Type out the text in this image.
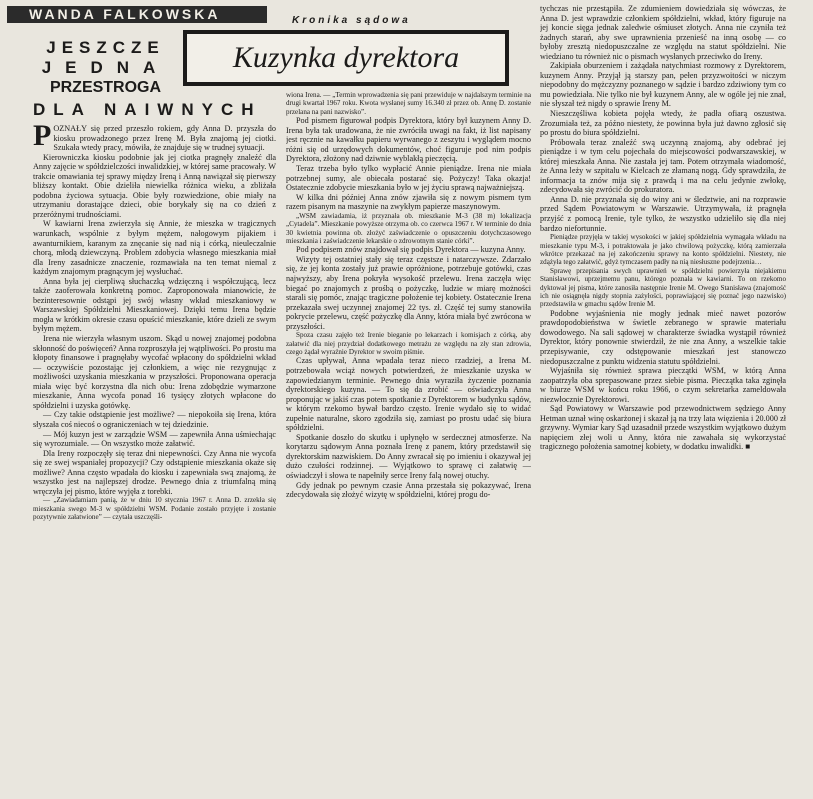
WANDA FALKOWSKA	Kronika sądowa
Kuzynka dyrektora
JESZCZE
JEDNA
PRZESTROGA
DLA NAIWNYCH

POZNAŁY się przed przeszło rokiem, gdy Anna D. przyszła do kiosku prowadzonego przez Irenę M. Była znajomą jej ciotki. Szukała wtedy pracy, mówiła, że znajduje się w trudnej sytuacji.

Kierowniczka kiosku podobnie jak jej ciotka pragnęły znaleźć dla Anny zajęcie w spółdzielczości inwalidzkiej, w której same pracowały. W trakcie omawiania tej sprawy między Ireną i Anną nawiązał się pierwszy bliższy kontakt. Obie dzieliła niewielka różnica wieku, a zbliżała podobna życiowa sytuacja. Obie były rozwiedzione, obie miały na utrzymaniu dorastające dzieci, obie borykały się na co dzień z przeróżnymi trudnościami.

W kawiarni Irena zwierzyła się Annie, że mieszka w tragicznych warunkach, wspólnie z byłym mężem, nałogowym pijakiem i awanturnikiem, karanym za znęcanie się nad nią i córką, nieuleczalnie chorą, młodą dziewczyną. Problem zdobycia własnego mieszkania miał dla Ireny zasadnicze znaczenie, rozmawiała na ten temat niemal z każdym znajomym pragnącym jej wysłuchać.

Anna była jej cierpliwą słuchaczką wdzięczną i współczującą, lecz także zaoferowała konkretną pomoc. Zaproponowała mianowicie, że bezinteresownie odstąpi jej swój własny wkład mieszkaniowy w Warszawskiej Spółdzielni Mieszkaniowej. Dzięki temu Irena będzie mogła w krótkim okresie czasu opuścić mieszkanie, które dzieli ze swym byłym mężem.

Irena nie wierzyła własnym uszom. Skąd u nowej znajomej podobna skłonność do poświęceń? Anna rozproszyła jej wątpliwości. Po prostu ma kłopoty finansowe i pragnęłaby wycofać wpłacony do spółdzielni wkład — oczywiście pozostając jej członkiem, a więc nie rezygnując z możliwości uzyskania mieszkania w przyszłości. Proponowana operacja miała więc być korzystna dla nich obu: Irena zdobędzie wymarzone mieszkanie, Anna wycofa ponad 16 tysięcy złotych wpłacone do spółdzielni i uzyska gotówkę.

— Czy takie odstąpienie jest możliwe? — niepokoiła się Irena, która słyszała coś niecoś o ograniczeniach w tej dziedzinie.

— Mój kuzyn jest w zarządzie WSM — zapewniła Anna uśmiechając się wyrozumiale. — On wszystko może załatwić.

Dla Ireny rozpoczęły się teraz dni niepewności. Czy Anna nie wycofa się ze swej wspaniałej propozycji? Czy odstąpienie mieszkania okaże się możliwe? Anna często wpadała do kiosku i zapewniała swą znajomą, że wszystko jest na najlepszej drodze. Pewnego dnia z triumfalną miną wręczyła jej pismo, które wyjęła z torebki.

— „Zawiadamiam panią, że w dniu 10 stycznia 1967 r. Anna D. zrzekła się mieszkania swego M-3 w spółdzielni WSM. Podanie zostało przyjęte i zostanie pozytywnie załatwione” — czytała uszczęśli-

wiona Irena. — „Termin wprowadzenia się pani przewiduje w najdalszym terminie na drugi kwartał 1967 roku. Kwota wysłanej sumy 16.340 zł przez ob. Annę D. zostanie przelana na pani nazwisko”.

Pod pismem figurował podpis Dyrektora, który był kuzynem Anny D. Irena była tak uradowana, że nie zwróciła uwagi na fakt, iż list napisany jest ręcznie na kawałku papieru wyrwanego z zeszytu i wyglądem mocno różni się od urzędowych dokumentów, choć figuruje pod nim podpis Dyrektora, złożony nad dziwnie wyblakłą pieczęcią.

Teraz trzeba było tylko wypłacić Annie pieniądze. Irena nie miała potrzebnej sumy, ale obiecała postarać się. Pożyczy! Taka okazja! Ostatecznie zdobycie mieszkania było w jej życiu sprawą najważniejszą.

W kilka dni później Anna znów zjawiła się z nowym pismem tym razem pisanym na maszynie na zwykłym papierze maszynowym.

„WSM zawiadamia, iż przyznała ob. mieszkanie M-3 (38 m) lokalizacja „Cytadela”. Mieszkanie powyższe otrzyma ob. co czerwca 1967 r. W terminie do dnia 30 kwietnia powinna ob. złożyć zaświadczenie o opuszczeniu dotychczasowego mieszkania i zaświadczenie lekarskie o zdrowotnym stanie córki”.

Pod podpisem znów znajdował się podpis Dyrektora — kuzyna Anny.

Wizyty tej ostatniej stały się teraz częstsze i natarczywsze. Zdarzało się, że jej konta zostały już prawie opróżnione, potrzebuje gotówki, czas najwyższy, aby Irena pokryła wysokość przelewu. Irena zaczęła więc biegać po znajomych z prośbą o pożyczkę, ludzie w miarę możności starali się pomóc, znając tragiczne położenie tej kobiety. Ostatecznie Irena przekazała swej uczynnej znajomej 22 tys. zł. Część tej sumy stanowiła pokrycie przelewu, część pożyczkę dla Anny, która miała być zwrócona w przyszłości.

Spoza czasu zajęło też Irenie bieganie po lekarzach i komisjach z córką, aby załatwić dla niej przydział dodatkowego metrażu ze względu na zły stan zdrowia, czego żądał wyraźnie Dyrektor w swoim piśmie.

Czas upływał, Anna wpadała teraz nieco rzadziej, a Irena M. potrzebowała wciąż nowych potwierdzeń, że mieszkanie uzyska w zapowiedzianym terminie. Pewnego dnia wyraziła życzenie poznania dyrektorskiego kuzyna. — To się da zrobić — oświadczyła Anna proponując w jakiś czas potem spotkanie z Dyrektorem w budynku sądów, w którym rzekomo bywał bardzo często. Irenie wydało się to widać zupełnie naturalne, skoro zgodziła się, zamiast po prostu udać się biura spółdzielni.

Spotkanie doszło do skutku i upłynęło w serdecznej atmosferze. Na korytarzu sądowym Anna poznała Irenę z panem, który przedstawił się dyrektorskim nazwiskiem. Do Anny zwracał się po imieniu i okazywał jej dużo czułości rodzinnej. — Wyjątkowo to sprawę ci załatwię — oświadczył i słowa te napełniły serce Ireny falą nowej otuchy.

Gdy jednak po pewnym czasie Anna przestała się pokazywać, Irena zdecydowała się złożyć wizytę w spółdzielni, której progu do-

tychczas nie przestąpiła. Ze zdumieniem dowiedziała się wówczas, że Anna D. jest wprawdzie członkiem spółdzielni, wkład, który figuruje na jej koncie sięga jednak zaledwie ośmiuset złotych. Anna nie czyniła też żadnych starań, aby swe uprawnienia przenieść na inną osobę — co byłoby zresztą niedopuszczalne ze względu na statut spółdzielni. Nie wiedziano tu również nic o pismach wysłanych przeciwko do Ireny.

Zakipiała oburzeniem i zażądała natychmiast rozmowy z Dyrektorem, kuzynem Anny. Przyjął ją starszy pan, pełen przyzwoitości w niczym niepodobny do mężczyzny poznanego w sądzie i bardzo zdziwiony tym co mu powiedziała. Nie tylko nie był kuzynem Anny, ale w ogóle jej nie znał, nie słyszał też nigdy o sprawie Ireny M.

Nieszczęśliwa kobieta pojęła wtedy, że padła ofiarą oszustwa. Zrozumiała też, za późno niestety, że powinna była już dawno zgłosić się po prostu do biura spółdzielni.

Próbowała teraz znaleźć swą uczynną znajomą, aby odebrać jej pieniądze i w tym celu pojechała do miejscowości podwarszawskiej, w której mieszkała Anna. Nie zastała jej tam. Potem otrzymała wiadomość, że Anna leży w szpitalu w Kielcach ze złamaną nogą. Gdy sprawdziła, że informacja ta znów mija się z prawdą i ma na celu jedynie zwłokę, zdecydowała się zwrócić do prokuratora.

Anna D. nie przyznała się do winy ani w śledztwie, ani na rozprawie przed Sądem Powiatowym w Warszawie. Utrzymywała, iż pragnęła przyjść z pomocą Irenie, tyle tylko, że wszystko udzieliło się dla niej bardzo niefortunnie.

Pieniądze przyjęła w takiej wysokości w jakiej spółdzielnia wymagała wkładu na mieszkanie typu M-3, i potraktowała je jako chwilową pożyczkę, którą zamierzała wkrótce przekazać na jej zakończeniu sprawy na konto spółdzielni. Niestety, nie zdążyła tego załatwić, gdyż tymczasem padły na nią niesłuszne podejrzenia…

Sprawę przepisania swych uprawnień w spółdzielni powierzyła niejakiemu Stanisławowi, uprzejmemu panu, którego poznała w kawiarni. To on rzekomo dyktował jej pisma, które zanosiła następnie Irenie M. Owego Stanisława (znajomość ich nie osiągnęła nigdy stopnia zażyłości, poprawiającej się poznać jego nazwisko) przedstawiła w gmachu sądów Irenie M.

Podobne wyjaśnienia nie mogły jednak mieć nawet pozorów prawdopodobieństwa w świetle zebranego w sprawie materiału dowodowego. Na sali sądowej w charakterze świadka wystąpił również Dyrektor, który ponownie stwierdził, że nie zna Anny, a wszelkie takie przepisywanie, czy odstępowanie mieszkań jest stanowczo niedopuszczalne z punktu widzenia statutu spółdzielni.

Wyjaśniła się również sprawa pieczątki WSM, w którą Anna zaopatrzyła oba sprepasowane przez siebie pisma. Pieczątka taka zginęła w biurze WSM w końcu roku 1966, o czym sekretarka zameldowała niezwłocznie Dyrektorowi.

Sąd Powiatowy w Warszawie pod przewodnictwem sędziego Anny Hetman uznał winę oskarżonej i skazał ją na trzy lata więzienia i 20.000 zł grzywny. Wymiar kary Sąd uzasadnił przede wszystkim wyjątkowo dużym napięciem złej woli u Anny, która nie zawahała się wykorzystać tragicznego położenia samotnej kobiety, w dodatku inwalidki. ■
